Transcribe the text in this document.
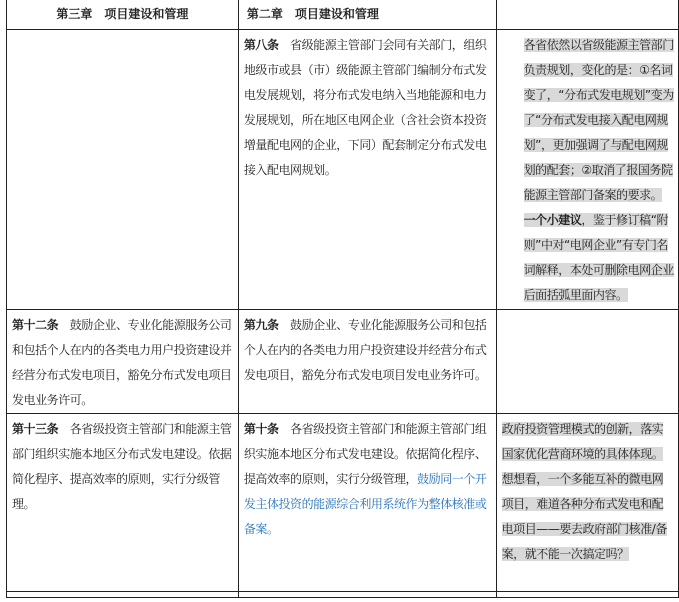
第三章　项目建设和管理	第二章　项目建设和管理	
	第八条　省级能源主管部门会同有关部门，组织地级市或县（市）级能源主管部门编制分布式发电发展规划，将分布式发电纳入当地能源和电力发展规划，所在地区电网企业（含社会资本投资增量配电网的企业，下同）配套制定分布式发电接入配电网规划。	各省依然以省级能源主管部门负责规划，变化的是：①名词变了，“分布式发电规划”变为了“分布式发电接入配电网规划”，更加强调了与配电网规划的配套；②取消了报国务院能源主管部门备案的要求。

一个小建议，鉴于修订稿“附则”中对“电网企业”有专门名词解释，本处可删除电网企业后面括弧里面内容。

第十二条　鼓励企业、专业化能源服务公司和包括个人在内的各类电力用户投资建设并经营分布式发电项目，豁免分布式发电项目发电业务许可。	第九条　鼓励企业、专业化能源服务公司和包括个人在内的各类电力用户投资建设并经营分布式发电项目，豁免分布式发电项目发电业务许可。	
第十三条　各省级投资主管部门和能源主管部门组织实施本地区分布式发电建设。依据简化程序、提高效率的原则，实行分级管理。	第十条　各省级投资主管部门和能源主管部门组织实施本地区分布式发电建设。依据简化程序、提高效率的原则，实行分级管理，鼓励同一个开发主体投资的能源综合利用系统作为整体核准或备案。	政府投资管理模式的创新，落实国家优化营商环境的具体体现。想想看，一个多能互补的微电网项目，难道各种分布式发电和配电项目——要去政府部门核准/备案，就不能一次搞定吗？
